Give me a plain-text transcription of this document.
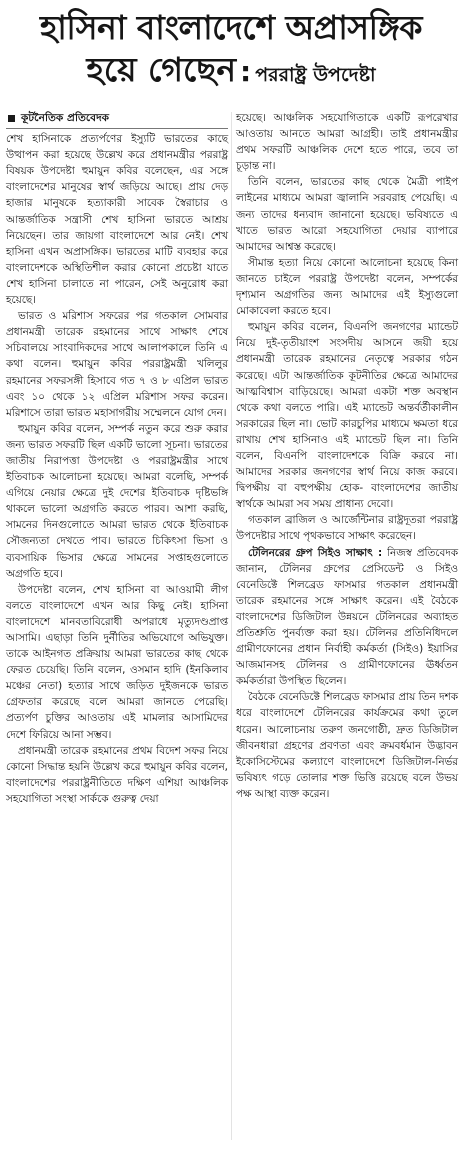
হাসিনা বাংলাদেশে অপ্রাসঙ্গিক
হয়ে গেছেন : পররাষ্ট্র উপদেষ্টা
কূটনৈতিক প্রতিবেদক

শেখ হাসিনাকে প্রত্যর্পণের ইস্যুটি ভারতের কাছে উত্থাপন করা হয়েছে উল্লেখ করে প্রধানমন্ত্রীর পররাষ্ট্র বিষয়ক উপদেষ্টা হুমায়ুন কবির বলেছেন, এর সঙ্গে বাংলাদেশের মানুষের স্বার্থ জড়িয়ে আছে। প্রায় দেড় হাজার মানুষকে হত্যাকারী সাবেক স্বৈরাচার ও আন্তর্জাতিক সন্ত্রাসী শেখ হাসিনা ভারতে আশ্রয় নিয়েছেন। তার জায়গা বাংলাদেশে আর নেই। শেখ হাসিনা এখন অপ্রাসঙ্গিক। ভারতের মাটি ব্যবহার করে বাংলাদেশকে অস্থিতিশীল করার কোনো প্রচেষ্টা যাতে শেখ হাসিনা চালাতে না পারেন, সেই অনুরোধ করা হয়েছে।

ভারত ও মরিশাস সফরের পর গতকাল সোমবার প্রধানমন্ত্রী তারেক রহমানের সাথে সাক্ষাৎ শেষে সচিবালয়ে সাংবাদিকদের সাথে আলাপকালে তিনি এ কথা বলেন। হুমায়ুন কবির পররাষ্ট্রমন্ত্রী খলিলুর রহমানের সফরসঙ্গী হিসাবে গত ৭ ও ৮ এপ্রিল ভারত এবং ১০ থেকে ১২ এপ্রিল মরিশাস সফর করেন। মরিশাসে তারা ভারত মহাসাগরীয় সম্মেলনে যোগ দেন।

হুমায়ুন কবির বলেন, সম্পর্ক নতুন করে শুরু করার জন্য ভারত সফরটি ছিল একটি ভালো সূচনা। ভারতের জাতীয় নিরাপত্তা উপদেষ্টা ও পররাষ্ট্রমন্ত্রীর সাথে ইতিবাচক আলোচনা হয়েছে। আমরা বলেছি, সম্পর্ক এগিয়ে নেয়ার ক্ষেত্রে দুই দেশের ইতিবাচক দৃষ্টিভঙ্গি থাকলে ভালো অগ্রগতি করতে পারব। আশা করছি, সামনের দিনগুলোতে আমরা ভারত থেকে ইতিবাচক সৌজন্যতা দেখতে পাব। ভারতে চিকিৎসা ভিসা ও ব্যবসায়িক ভিসার ক্ষেত্রে সামনের সপ্তাহগুলোতে অগ্রগতি হবে।

উপদেষ্টা বলেন, শেখ হাসিনা বা আওয়ামী লীগ বলতে বাংলাদেশে এখন আর কিছু নেই। হাসিনা বাংলাদেশে মানবতাবিরোধী অপরাধে মৃত্যুদণ্ডপ্রাপ্ত আসামি। এছাড়া তিনি দুর্নীতির অভিযোগে অভিযুক্ত। তাকে আইনগত প্রক্রিয়ায় আমরা ভারতের কাছ থেকে ফেরত চেয়েছি। তিনি বলেন, ওসমান হাদি (ইনকিলাব মঞ্চের নেতা) হত্যার সাথে জড়িত দুইজনকে ভারত গ্রেফতার করেছে বলে আমরা জানতে পেরেছি। প্রত্যর্পণ চুক্তির আওতায় এই মামলার আসামিদের দেশে ফিরিয়ে আনা সম্ভব।

প্রধানমন্ত্রী তারেক রহমানের প্রথম বিদেশ সফর নিয়ে কোনো সিদ্ধান্ত হয়নি উল্লেখ করে হুমায়ুন কবির বলেন, বাংলাদেশের পররাষ্ট্রনীতিতে দক্ষিণ এশিয়া আঞ্চলিক সহযোগিতা সংস্থা সার্ককে গুরুত্ব দেয়া

হয়েছে। আঞ্চলিক সহযোগিতাকে একটি রূপরেখার আওতায় আনতে আমরা আগ্রহী। তাই প্রধানমন্ত্রীর প্রথম সফরটি আঞ্চলিক দেশে হতে পারে, তবে তা চূড়ান্ত না।

তিনি বলেন, ভারতের কাছ থেকে মৈত্রী পাইপ লাইনের মাধ্যমে আমরা জ্বালানি সরবরাহ পেয়েছি। এ জন্য তাদের ধন্যবাদ জানানো হয়েছে। ভবিষ্যতে এ খাতে ভারত আরো সহযোগিতা দেয়ার ব্যাপারে আমাদের আশ্বস্ত করেছে।

সীমান্ত হত্যা নিয়ে কোনো আলোচনা হয়েছে কিনা জানতে চাইলে পররাষ্ট্র উপদেষ্টা বলেন, সম্পর্কের দৃশ্যমান অগ্রগতির জন্য আমাদের এই ইস্যুগুলো মোকাবেলা করতে হবে।

হুমায়ুন কবির বলেন, বিএনপি জনগণের ম্যান্ডেট নিয়ে দুই-তৃতীয়াংশ সংসদীয় আসনে জয়ী হয়ে প্রধানমন্ত্রী তারেক রহমানের নেতৃত্বে সরকার গঠন করেছে। এটা আন্তর্জাতিক কূটনীতির ক্ষেত্রে আমাদের আত্মবিশ্বাস বাড়িয়েছে। আমরা একটা শক্ত অবস্থান থেকে কথা বলতে পারি। এই ম্যান্ডেট অন্তর্বর্তীকালীন সরকারের ছিল না। ভোট কারচুপির মাধ্যমে ক্ষমতা ধরে রাখায় শেখ হাসিনাও এই ম্যান্ডেট ছিল না। তিনি বলেন, বিএনপি বাংলাদেশকে বিক্রি করবে না। আমাদের সরকার জনগণের স্বার্থ নিয়ে কাজ করবে। দ্বিপক্ষীয় বা বহুপক্ষীয় হোক- বাংলাদেশের জাতীয় স্বার্থকে আমরা সব সময় প্রাধান্য দেবো।

গতকাল ব্রাজিল ও আর্জেন্টিনার রাষ্ট্রদূতরা পররাষ্ট্র উপদেষ্টার সাথে পৃথকভাবে সাক্ষাৎ করেছেন।

টেলিনরের গ্রুপ সিইও সাক্ষাৎ : নিজস্ব প্রতিবেদক জানান, টেলিনর গ্রুপের প্রেসিডেন্ট ও সিইও বেনেডিক্টে শিলব্রেড ফাসমার গতকাল প্রধানমন্ত্রী তারেক রহমানের সঙ্গে সাক্ষাৎ করেন। এই বৈঠকে বাংলাদেশের ডিজিটাল উন্নয়নে টেলিনরের অব্যাহত প্রতিশ্রুতি পুনর্ব্যক্ত করা হয়। টেলিনর প্রতিনিধিদলে গ্রামীণফোনের প্রধান নির্বাহী কর্মকর্তা (সিইও) ইয়াসির আজমানসহ টেলিনর ও গ্রামীণফোনের ঊর্ধ্বতন কর্মকর্তারা উপস্থিত ছিলেন।

বৈঠকে বেনেডিক্টে শিলব্রেড ফাসমার প্রায় তিন দশক ধরে বাংলাদেশে টেলিনরের কার্যক্রমের কথা তুলে ধরেন। আলোচনায় তরুণ জনগোষ্ঠী, দ্রুত ডিজিটাল জীবনধারা গ্রহণের প্রবণতা এবং ক্রমবর্ধমান উদ্ভাবন ইকোসিস্টেমের কল্যাণে বাংলাদেশে ডিজিটাল-নির্ভর ভবিষ্যৎ গড়ে তোলার শক্ত ভিত্তি রয়েছে বলে উভয় পক্ষ আস্থা ব্যক্ত করেন।
